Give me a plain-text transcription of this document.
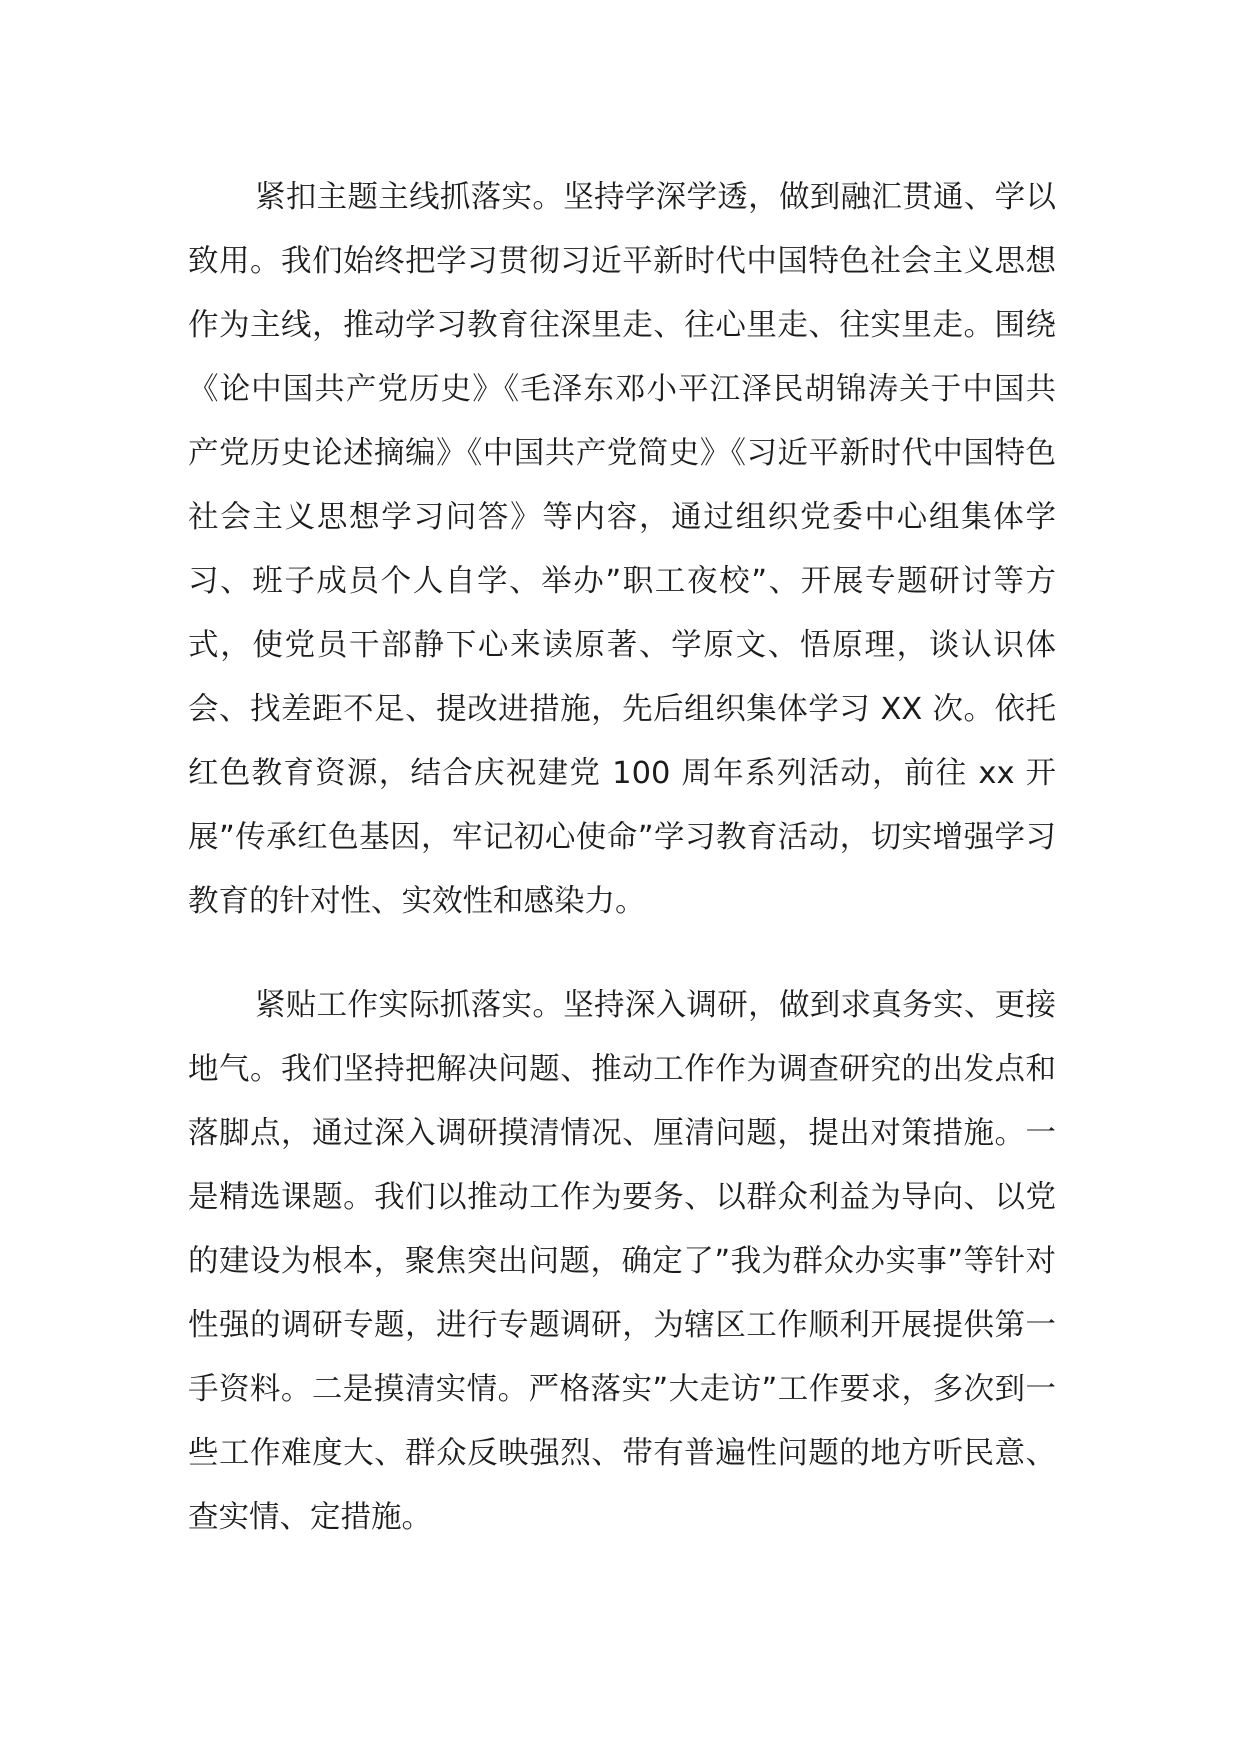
紧扣主题主线抓落实。坚持学深学透，做到融汇贯通、学以致用。我们始终把学习贯彻习近平新时代中国特色社会主义思想作为主线，推动学习教育往深里走、往心里走、往实里走。围绕《论中国共产党历史》《毛泽东邓小平江泽民胡锦涛关于中国共产党历史论述摘编》《中国共产党简史》《习近平新时代中国特色社会主义思想学习问答》等内容，通过组织党委中心组集体学习、班子成员个人自学、举办”职工夜校”、开展专题研讨等方式，使党员干部静下心来读原著、学原文、悟原理，谈认识体会、找差距不足、提改进措施，先后组织集体学习 XX 次。依托红色教育资源，结合庆祝建党 100 周年系列活动，前往 xx 开展”传承红色基因，牢记初心使命”学习教育活动，切实增强学习教育的针对性、实效性和感染力。

紧贴工作实际抓落实。坚持深入调研，做到求真务实、更接地气。我们坚持把解决问题、推动工作作为调查研究的出发点和落脚点，通过深入调研摸清情况、厘清问题，提出对策措施。一是精选课题。我们以推动工作为要务、以群众利益为导向、以党的建设为根本，聚焦突出问题，确定了”我为群众办实事”等针对性强的调研专题，进行专题调研，为辖区工作顺利开展提供第一手资料。二是摸清实情。严格落实”大走访”工作要求，多次到一些工作难度大、群众反映强烈、带有普遍性问题的地方听民意、查实情、定措施。
